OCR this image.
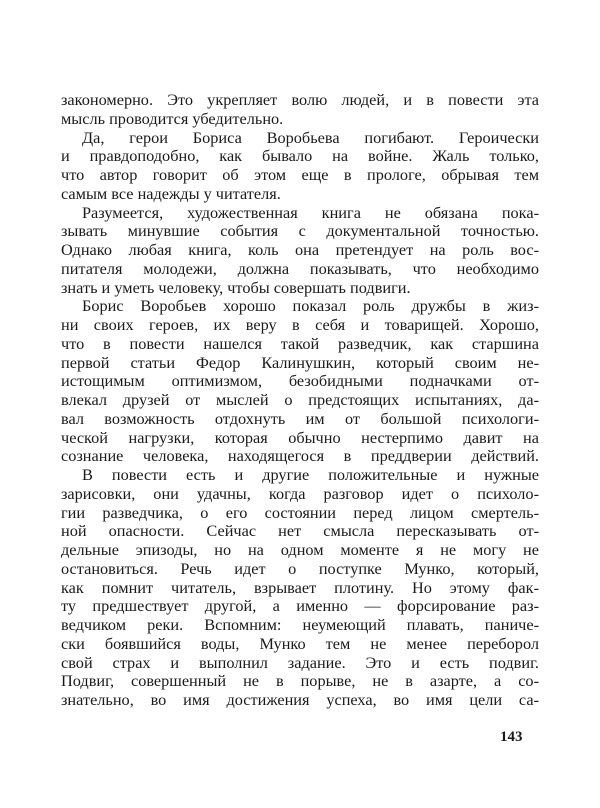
закономерно. Это укрепляет волю людей, и в повести эта
мысль проводится убедительно.
Да, герои Бориса Воробьева погибают. Героически
и правдоподобно, как бывало на войне. Жаль только,
что автор говорит об этом еще в прологе, обрывая тем
самым все надежды у читателя.
Разумеется, художественная книга не обязана пока-
зывать минувшие события с документальной точностью.
Однако любая книга, коль она претендует на роль вос-
питателя молодежи, должна показывать, что необходимо
знать и уметь человеку, чтобы совершать подвиги.
Борис Воробьев хорошо показал роль дружбы в жиз-
ни своих героев, их веру в себя и товарищей. Хорошо,
что в повести нашелся такой разведчик, как старшина
первой статьи Федор Калинушкин, который своим не-
истощимым оптимизмом, безобидными подначками от-
влекал друзей от мыслей о предстоящих испытаниях, да-
вал возможность отдохнуть им от большой психологи-
ческой нагрузки, которая обычно нестерпимо давит на
сознание человека, находящегося в преддверии действий.
В повести есть и другие положительные и нужные
зарисовки, они удачны, когда разговор идет о психоло-
гии разведчика, о его состоянии перед лицом смертель-
ной опасности. Сейчас нет смысла пересказывать от-
дельные эпизоды, но на одном моменте я не могу не
остановиться. Речь идет о поступке Мунко, который,
как помнит читатель, взрывает плотину. Но этому фак-
ту предшествует другой, а именно — форсирование раз-
ведчиком реки. Вспомним: неумеющий плавать, паниче-
ски боявшийся воды, Мунко тем не менее переборол
свой страх и выполнил задание. Это и есть подвиг.
Подвиг, совершенный не в порыве, не в азарте, а со-
знательно, во имя достижения успеха, во имя цели са-
143
